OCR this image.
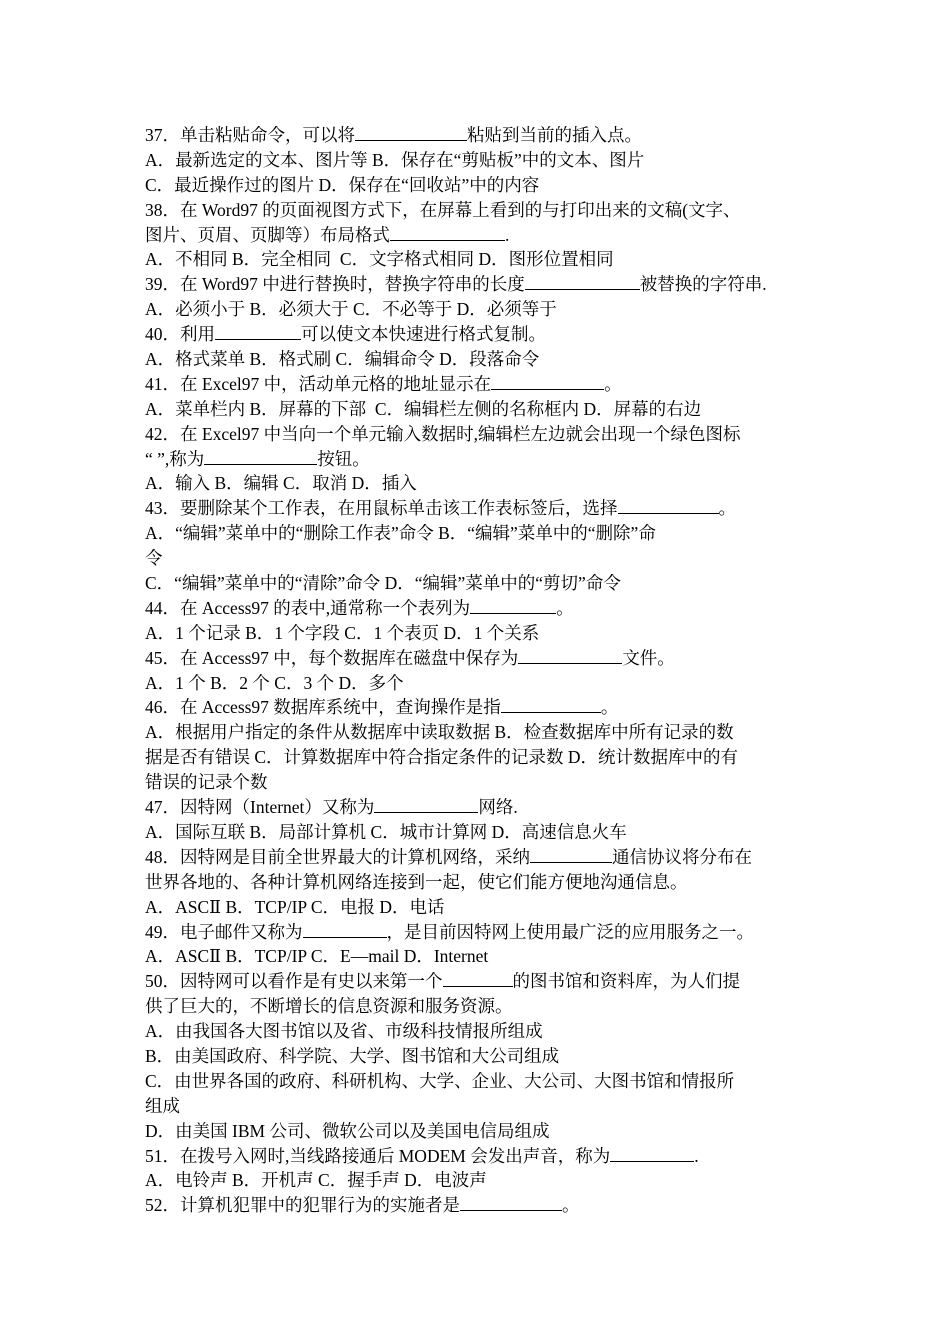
37．单击粘贴命令，可以将	粘贴到当前的插入点。
A．最新选定的文本、图片等 B．保存在“剪贴板”中的文本、图片
C．最近操作过的图片 D．保存在“回收站”中的内容
38．在 Word97 的页面视图方式下，在屏幕上看到的与打印出来的文稿(文字、
图片、页眉、页脚等）布局格式	.
A．不相同 B．完全相同  C．文字格式相同 D．图形位置相同
39．在 Word97 中进行替换时，替换字符串的长度	被替换的字符串.
A．必须小于 B．必须大于 C．不必等于 D．必须等于
40．利用	可以使文本快速进行格式复制。
A．格式菜单 B．格式刷 C．编辑命令 D．段落命令
41．在 Excel97 中，活动单元格的地址显示在	。
A．菜单栏内 B．屏幕的下部  C．编辑栏左侧的名称框内 D．屏幕的右边
42．在 Excel97 中当向一个单元输入数据时,编辑栏左边就会出现一个绿色图标
“ ”,称为	按钮。
A．输入 B．编辑 C．取消 D．插入
43．要删除某个工作表，在用鼠标单击该工作表标签后，选择	。
A．“编辑”菜单中的“删除工作表”命令 B．“编辑”菜单中的“删除”命
令
C．“编辑”菜单中的“清除”命令 D．“编辑”菜单中的“剪切”命令
44．在 Access97 的表中,通常称一个表列为	。
A．1 个记录 B．1 个字段 C．1 个表页 D．1 个关系
45．在 Access97 中，每个数据库在磁盘中保存为	文件。
A．1 个 B．2 个 C．3 个 D．多个
46．在 Access97 数据库系统中，查询操作是指	。
A．根据用户指定的条件从数据库中读取数据 B．检查数据库中所有记录的数
据是否有错误 C．计算数据库中符合指定条件的记录数 D．统计数据库中的有
错误的记录个数
47．因特网（Internet）又称为	网络.
A．国际互联 B．局部计算机 C．城市计算网 D．高速信息火车
48．因特网是目前全世界最大的计算机网络，采纳	通信协议将分布在
世界各地的、各种计算机网络连接到一起，使它们能方便地沟通信息。
A．ASCⅡ B．TCP/IP C．电报 D．电话
49．电子邮件又称为	，是目前因特网上使用最广泛的应用服务之一。
A．ASCⅡ B．TCP/IP C．E—mail D．Internet
50．因特网可以看作是有史以来第一个	的图书馆和资料库，为人们提
供了巨大的，不断增长的信息资源和服务资源。
A．由我国各大图书馆以及省、市级科技情报所组成
B．由美国政府、科学院、大学、图书馆和大公司组成
C．由世界各国的政府、科研机构、大学、企业、大公司、大图书馆和情报所
组成
D．由美国 IBM 公司、微软公司以及美国电信局组成
51．在拨号入网时,当线路接通后 MODEM 会发出声音，称为	.
A．电铃声 B．开机声 C．握手声 D．电波声
52．计算机犯罪中的犯罪行为的实施者是	。
